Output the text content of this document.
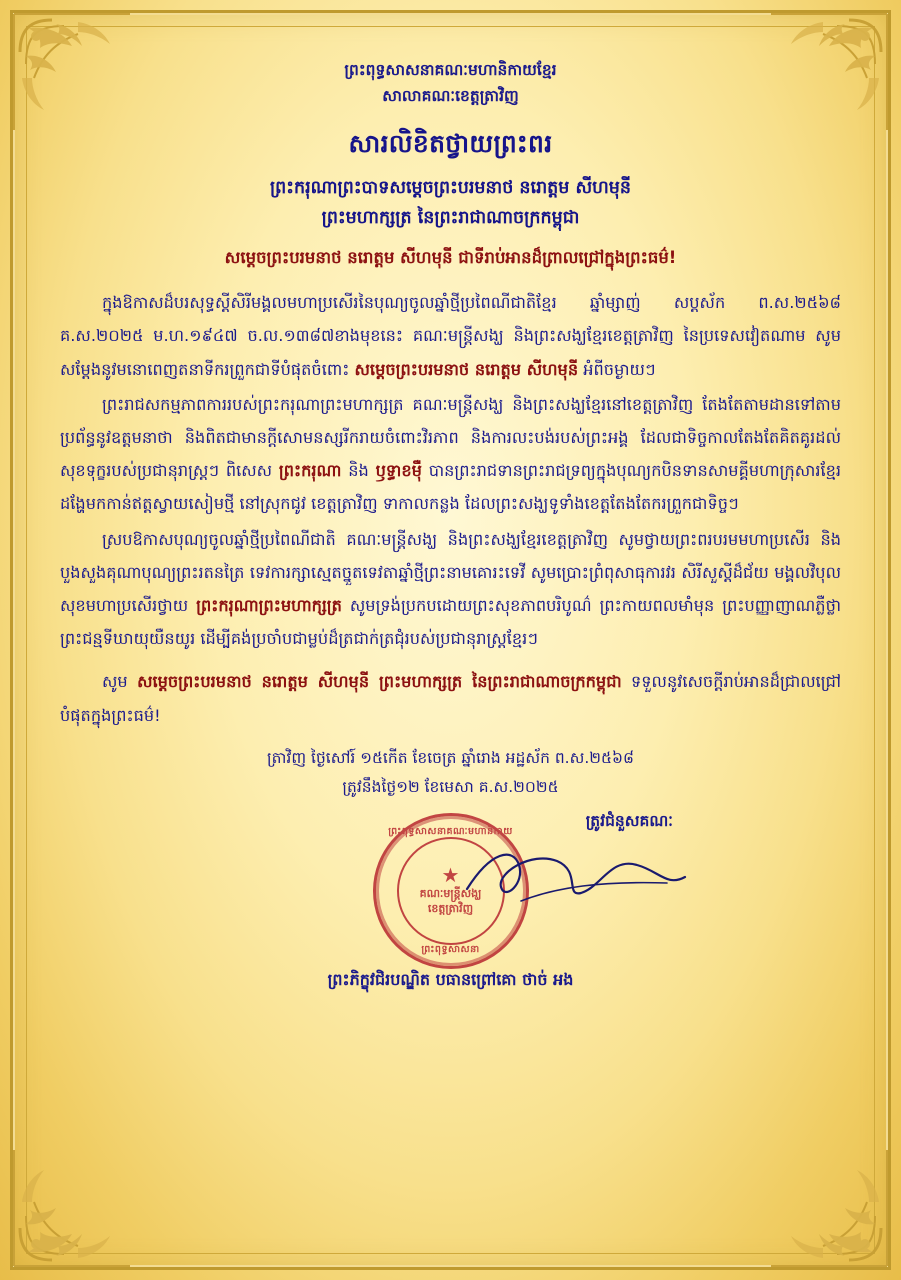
ព្រះពុទ្ធសាសនាគណៈមហានិកាយខ្មែរ
សាលាគណៈខេត្តត្រាវិញ
សារលិខិតថ្វាយព្រះពរ
ព្រះករុណាព្រះបាទសម្តេចព្រះបរមនាថ នរោត្តម សីហមុនី
ព្រះមហាក្សត្រ នៃព្រះរាជាណាចក្រកម្ពុជា
សម្តេចព្រះបរមនាថ នរោត្តម សីហមុនី ជាទីរាប់អានដ៏ព្រាលជ្រៅក្នុងព្រះធម៌!

ក្នុងឱកាសដ៏បរសុទ្ធស្តីសិរីមង្គលមហាប្រសើរនៃបុណ្យចូលឆ្នាំថ្មីប្រពៃណីជាតិខ្មែរ ឆ្នាំម្សាញ់ សប្តស័ក ព.ស.២៥៦៨ គ.ស.២០២៥ ម.ហ.១៩៤៧ ច.ល.១៣៨៧ខាងមុខនេះ គណៈមន្ត្រីសង្ឃ និងព្រះសង្ឃខ្មែរខេត្តត្រាវិញ នៃប្រទេសវៀតណាម សូមសម្តែងនូវមនោពេញតនាទីករព្រួកជាទីបំផុតចំពោះ សម្តេចព្រះបរមនាថ នរោត្តម សីហមុនី អំពីចម្ងាយៗ

ព្រះរាជសកម្មភាពការរបស់ព្រះករុណាព្រះមហាក្សត្រ គណៈមន្ត្រីសង្ឃ និងព្រះសង្ឃខ្មែរនៅខេត្តត្រាវិញ តែងតែតាមដានទៅតាមប្រព័ន្ធនូវឧត្តមនាថា និងពិតជាមានក្តីសោមនស្សរីករាយចំពោះវិរភាព និងការលះបង់របស់ព្រះអង្គ ដែលជាទិច្ចកាលតែងតែគិតគូរដល់សុខទុក្ខរបស់ប្រជានុរាស្ត្រៗ ពិសេស ព្រះករុណា និង ឫទ្ធាខម៉ឺ បានព្រះរាជទានព្រះរាជទ្រព្យក្នុងបុណ្យកបិនទានសាមគ្គីមហាក្រុសារខ្មែរ ដង្ហែមកកាន់ឥត្តស្វាយសៀមថ្មី នៅស្រុកជូវ ខេត្តត្រាវិញ ទាកាលកន្លង ដែលព្រះសង្ឃទូទាំងខេត្តតែងតែករព្រួកជាទិច្ចៗ

ស្របឱកាសបុណ្យចូលឆ្នាំថ្មីប្រពៃណីជាតិ គណៈមន្ត្រីសង្ឃ និងព្រះសង្ឃខ្មែរខេត្តត្រាវិញ សូមថ្វាយព្រះពរបរមមហាប្រសើរ និងបួងសួងគុណាបុណ្យព្រះរតនត្រៃ ទេវការក្សាស្មេតច្នួតទេវតាឆ្នាំថ្មីព្រះនាមគោរះទេវី សូមប្រោះព្រំពុសាធុការវរ សិរីសួស្តីដ៏ជ័យ មង្គលវិបុលសុខមហាប្រសើរថ្វាយ ព្រះករុណាព្រះមហាក្សត្រ សូមទ្រង់ប្រកបដោយព្រះសុខភាពបរិបូណ៌ ព្រះកាយពលមាំមុន ព្រះបញ្ញាញាណភ្លឺថ្លា ព្រះជន្មទីឃាយុយឺនយូរ ដើម្បីគង់ប្រចាំបជាម្លប់ដ៏ត្រជាក់ត្រជុំរបស់ប្រជានុរាស្ត្រខ្មែរៗ

សូម សម្តេចព្រះបរមនាថ នរោត្តម សីហមុនី ព្រះមហាក្សត្រ នៃព្រះរាជាណាចក្រកម្ពុជា ទទួលនូវសេចក្តីរាប់អានដ៏ជ្រាលជ្រៅបំផុតក្នុងព្រះធម៌!

ត្រាវិញ ថ្ងៃសៅរ៍ ១៥កើត ខែចេត្រ ឆ្នាំរោង អដ្ឋស័ក ព.ស.២៥៦៨
ត្រូវនឹងថ្ងៃ១២ ខែមេសា គ.ស.២០២៥
ត្រូវជំនួសគណៈ
ព្រះពុទ្ធសាសនាគណៈមហានិកាយ
★
គណៈមន្ត្រីសង្ឃ
ខេត្តត្រាវិញ
ព្រះពុទ្ធសាសនា
ព្រះភិក្ខុវជិរបណ្ឌិត បធានព្រៅគោ ថាច់ អង
